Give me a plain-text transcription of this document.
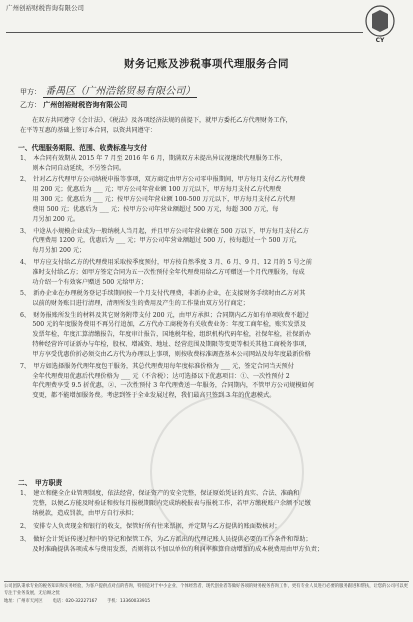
广州创裕财税咨询有限公司
CY
财务记账及涉税事项代理服务合同
甲方： 番禺区（广州浩铭贸易有限公司）
乙方： 广州创裕财税咨询有限公司
在双方共同遵守《会计法》、《税法》及各项经济法规的前提下，就甲方委托乙方代理财务工作，
在平等互惠的基础上签订本合同，以资共同遵守：
一、代理服务期限、范围、收费标准与支付
1、　本合同有效期从 2015 年 7 月至 2016 年 6 月，期满双方未提出异议视继续代理服务工作，
　　则本合同自动延续，不另签合同。
2、　针对乙方代理甲方公司纳税申报等事项，双方商定由甲方公司零申报期间，甲方每月支付乙方代理费
　　用 200 元；优惠后为 ___ 元；甲方公司年营业额 100 万元以下，甲方每月支付乙方代理费
　　用 300 元；优惠后为 ___ 元；按甲方公司年营业额 100-500 万元以下，甲方每月支付乙方代理
　　费用 500 元；优惠后为 ___ 元；按甲方公司年营业额超过 500 万元，每超 300 万元，每
　　月另加 200 元。
3、　中途从小规模企业成为一般纳税人当月起，并且甲方公司年营业额在 500 万以下，甲方每月支付乙方
　　代理费用 1200 元，优惠后为 ___ 元；甲方公司年营业额超过 500 万，按每超过一个 500 万元，
　　每月另加 200 元；
4、　甲方应支付给乙方的代理费用采取按季度预付，甲方按自然季度 3 月、6 月、9 月、12 月的 5 号之前
　　准时支付给乙方；如甲方签定合同为五一次性预付全年代理费用给乙方可赠送一个月代理服务，每成
　　功介绍一个有效客户赠送 500 元给甲方；
5、　新办企业在办理税务登记手续期间按一个月支付代理费，非新办企业，在支接财务手续时由乙方对其
　　以前的财务账目进行清理，清理所发生的费用及产生的工作量由双方另行商定；
6、　财务报账所发生的材料及其它财务附带支付 200 元，由甲方承担；合同期内乙方如有单项收费不超过
　　500 元的年度服务费用不再另行追加，乙方代办工商税务有关收费业务：年度工商年检，账实发票及
　　发票年检，年度汇算清缴报告，年度审计报告，国地税年检，组织机构代码年检，社保年检，社保新办
　　特种经营许可证新办与年检，股权、增减资、地址、经营范围及期限等变更等相关其他工商税务事项，
　　甲方享受优惠价折必须交由乙方代为办理以上事项，则按收费标准调查基本公司网站及每年度最新价格
7、　甲方如选择服务代理年度包干服务，其总代理费用每年度标准价格为 ___ 元，签定合同当天预付
　　全年代理费用优惠后代理价格为 ___ 元（不含税）；达可选择以下优惠项目：①、一次性预付 2
　　年代理费享受 9.5 折优惠，②、一次性预付 3 年代理费送一年服务，合同期内，不管甲方公司规模如何
　　变更，都不能增加服务费。考虑到签于全业发展过程，我们最高只签到 3 年的优惠模式。
二、　甲方职责
1、　建立和健全企业管理制度，依法经营，保证资产的安全完整，保证原始凭证的真实、合法、准确和
　　完整，以便乙方能及时验证和按每月报税期限内完成纳税报表与报税工作，若甲方缴税账户余额不足缴
　　纳税款，造成罚款，由甲方自行承担；
2、　安排专人负责现金和银行的收支，保管好所有往来票据，并定期与乙方提供的账面数核对；
3、　做好会计凭证传递过程中的登记和保管工作，为乙方派出的代理记账人员提供必要的工作条件和帮助；
　　及时准确提供各项成本与费用发票，否则将以不加以单位的利润率推算自动增加的成本税费用由甲方负责；
公司团队秉承专业的税务知识和实务经验，为客户提供点对点的咨询，特别是对于中小企业、个体经营者、现代创业者等做好各项的财务税务咨询工作，更有专业人员进行必要的服务跟进和帮扶，让您的公司可以更专注于业务发展，无后顾之忧
地址：广州市天河区　　 电话：020-32227167　　 手机：13360033915
